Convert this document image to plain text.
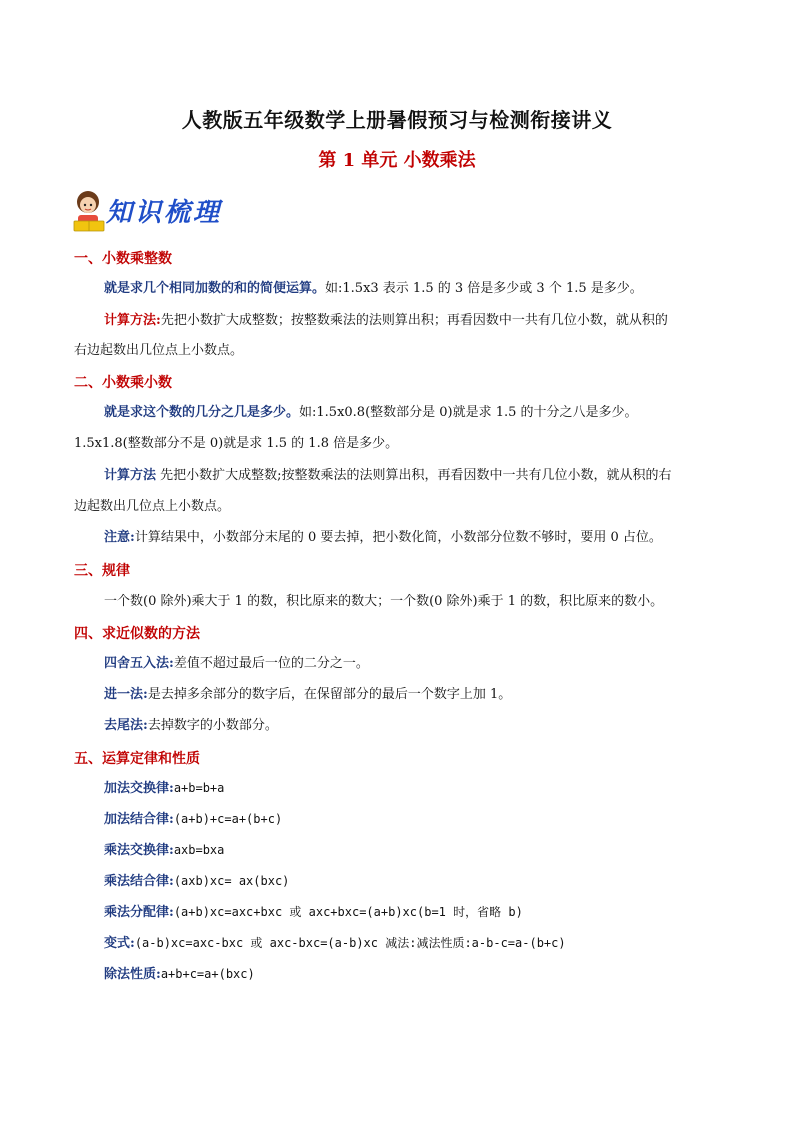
人教版五年级数学上册暑假预习与检测衔接讲义
第 1 单元 小数乘法
知识梳理
一、小数乘整数
就是求几个相同加数的和的简便运算。如:1.5x3 表示 1.5 的 3 倍是多少或 3 个 1.5 是多少。
计算方法:先把小数扩大成整数；按整数乘法的法则算出积；再看因数中一共有几位小数，就从积的
右边起数出几位点上小数点。
二、小数乘小数
就是求这个数的几分之几是多少。如:1.5x0.8(整数部分是 0)就是求 1.5 的十分之八是多少。
1.5x1.8(整数部分不是 0)就是求 1.5 的 1.8 倍是多少。
计算方法 先把小数扩大成整数;按整数乘法的法则算出积，再看因数中一共有几位小数，就从积的右
边起数出几位点上小数点。
注意:计算结果中，小数部分末尾的 0 要去掉，把小数化简，小数部分位数不够时，要用 0 占位。
三、规律
一个数(0 除外)乘大于 1 的数，积比原来的数大；一个数(0 除外)乘于 1 的数，积比原来的数小。
四、求近似数的方法
四舍五入法:差值不超过最后一位的二分之一。
进一法:是去掉多余部分的数字后，在保留部分的最后一个数字上加 1。
去尾法:去掉数字的小数部分。
五、运算定律和性质
加法交换律:a+b=b+a
加法结合律:(a+b)+c=a+(b+c)
乘法交换律:axb=bxa
乘法结合律:(axb)xc= ax(bxc)
乘法分配律:(a+b)xc=axc+bxc 或 axc+bxc=(a+b)xc(b=1 时，省略 b)
变式:(a-b)xc=axc-bxc 或 axc-bxc=(a-b)xc 减法:减法性质:a-b-c=a-(b+c)
除法性质:a+b+c=a+(bxc)
